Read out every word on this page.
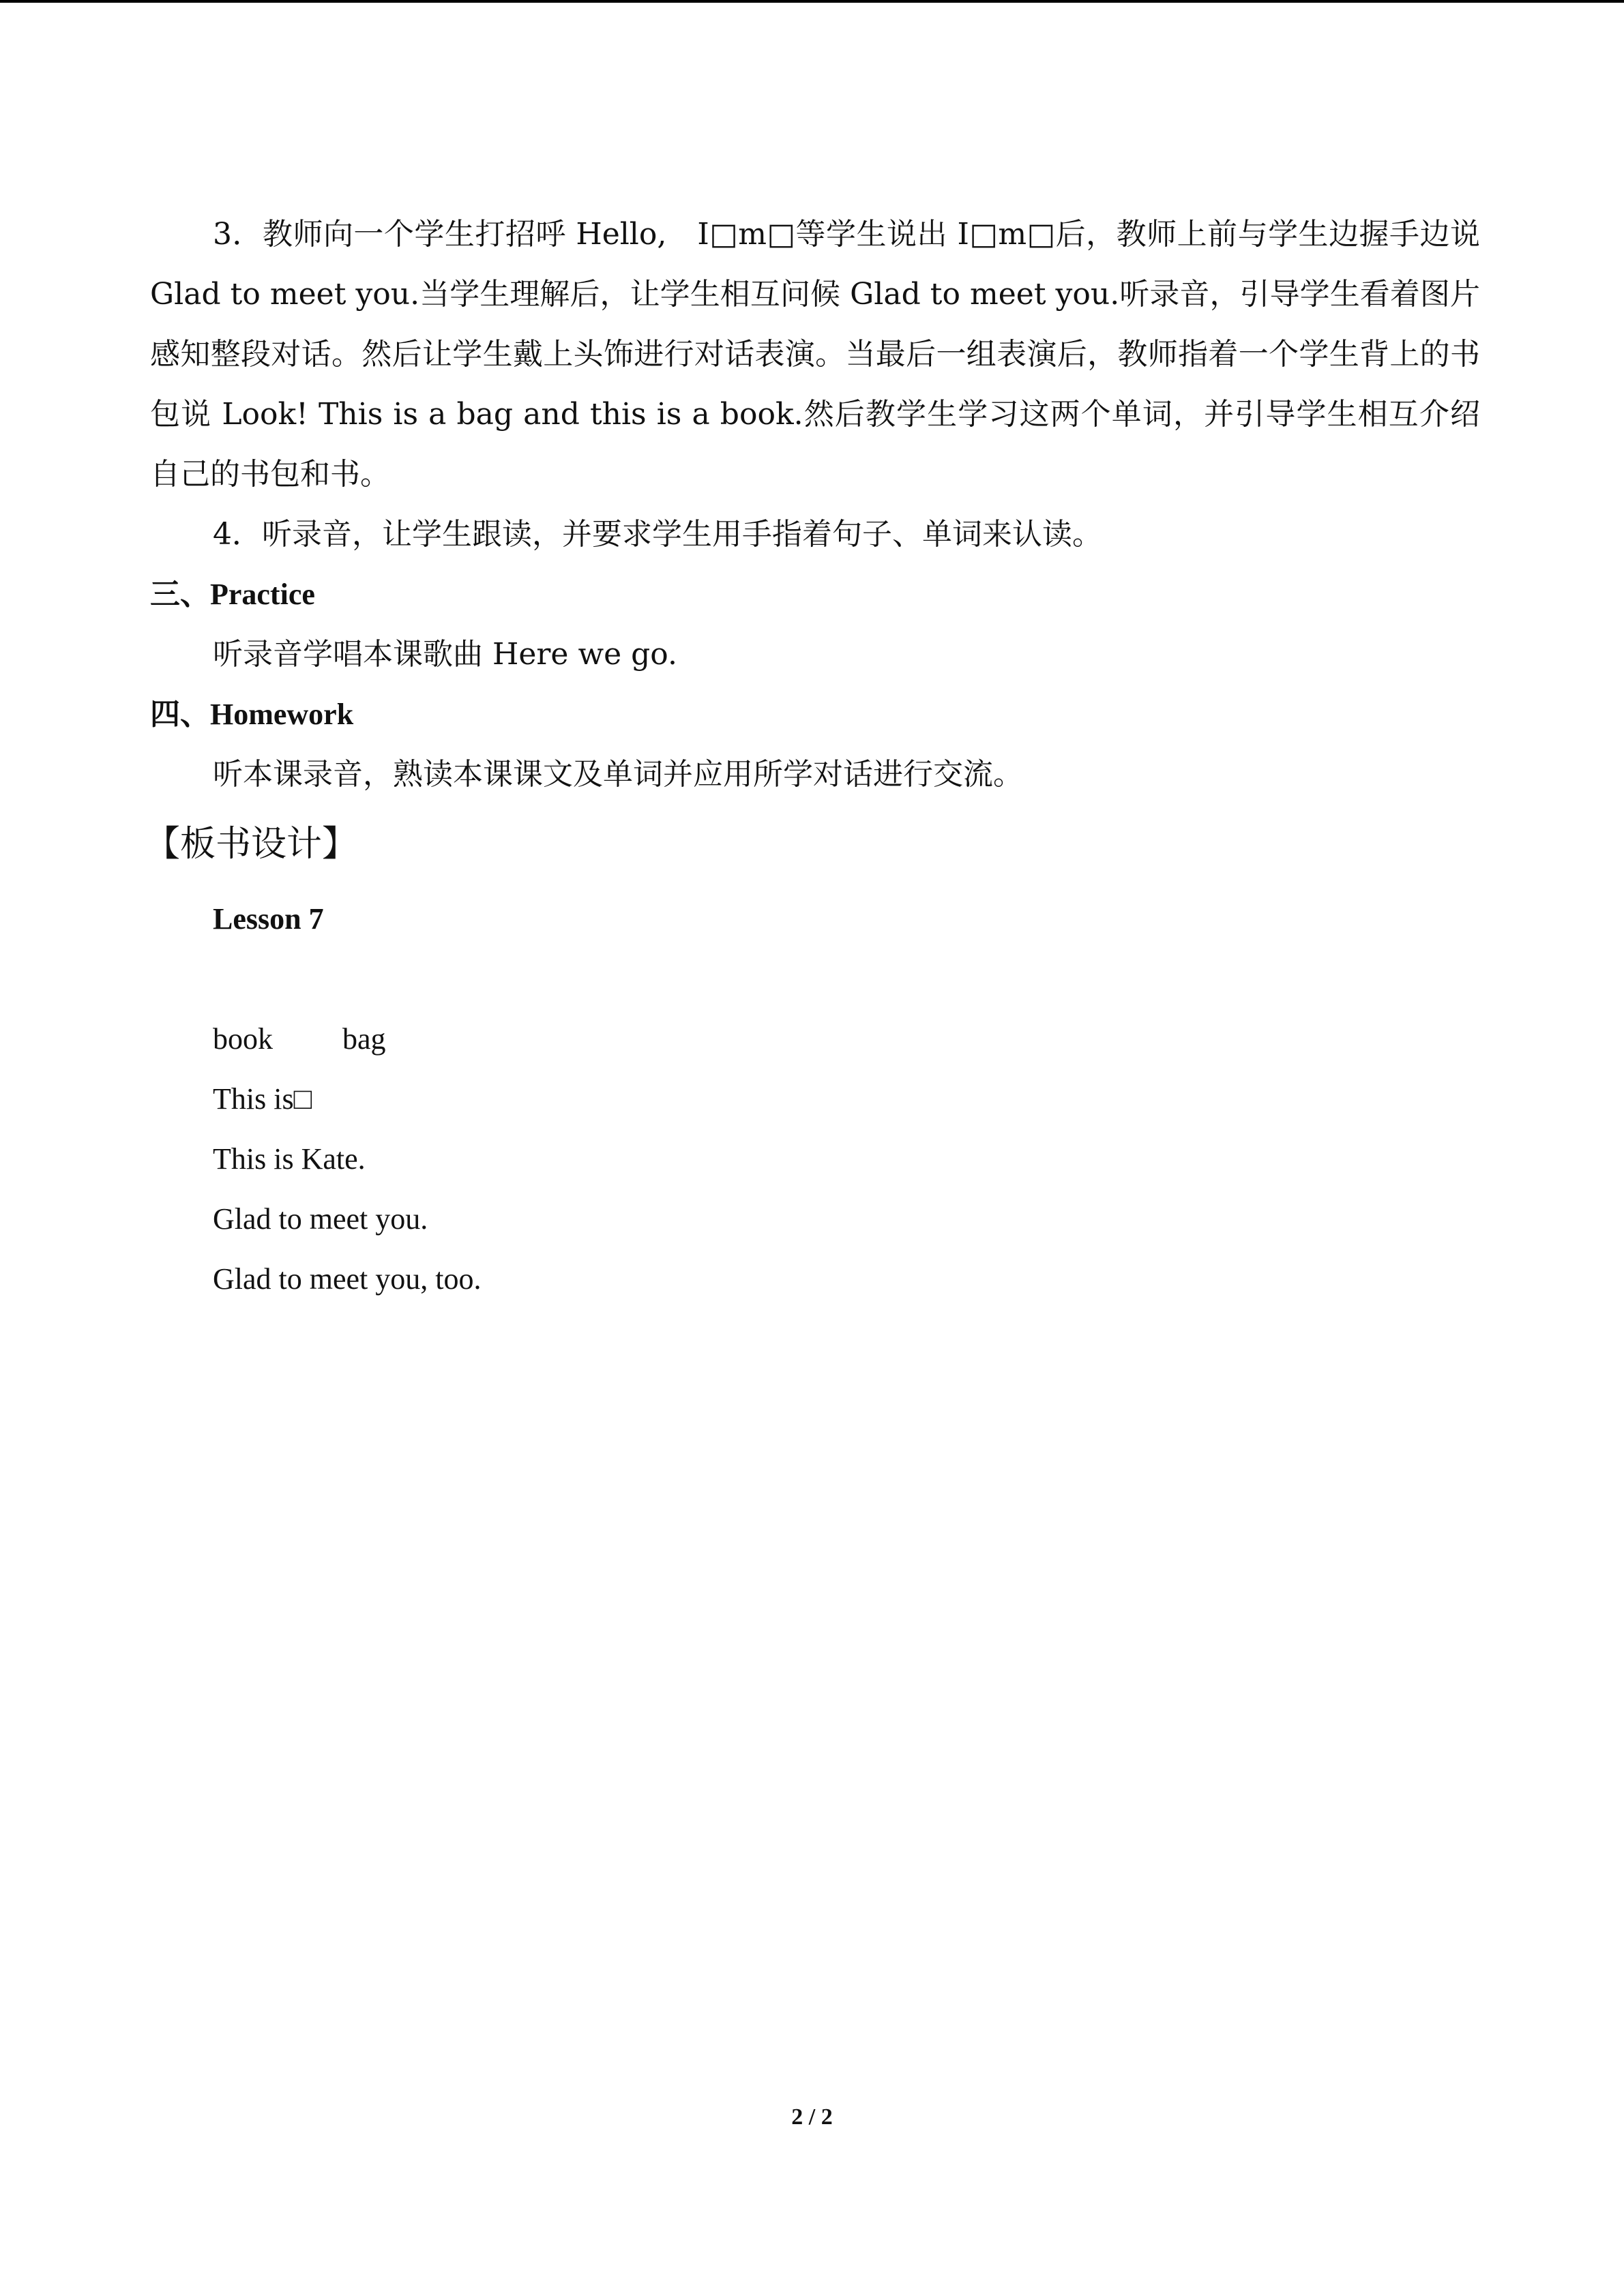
3．教师向一个学生打招呼 Hello,　I□m□等学生说出 I□m□后，教师上前与学生边握手边说 Glad to meet you.当学生理解后，让学生相互问候 Glad to meet you.听录音，引导学生看着图片感知整段对话。然后让学生戴上头饰进行对话表演。当最后一组表演后，教师指着一个学生背上的书包说 Look! This is a bag and this is a book.然后教学生学习这两个单词，并引导学生相互介绍自己的书包和书。

4．听录音，让学生跟读，并要求学生用手指着句子、单词来认读。

三、Practice

听录音学唱本课歌曲 Here we go.

四、Homework

听本课录音，熟读本课课文及单词并应用所学对话进行交流。

【板书设计】

Lesson 7

book bag

This is□

This is Kate.

Glad to meet you.

Glad to meet you, too.

2 / 2
